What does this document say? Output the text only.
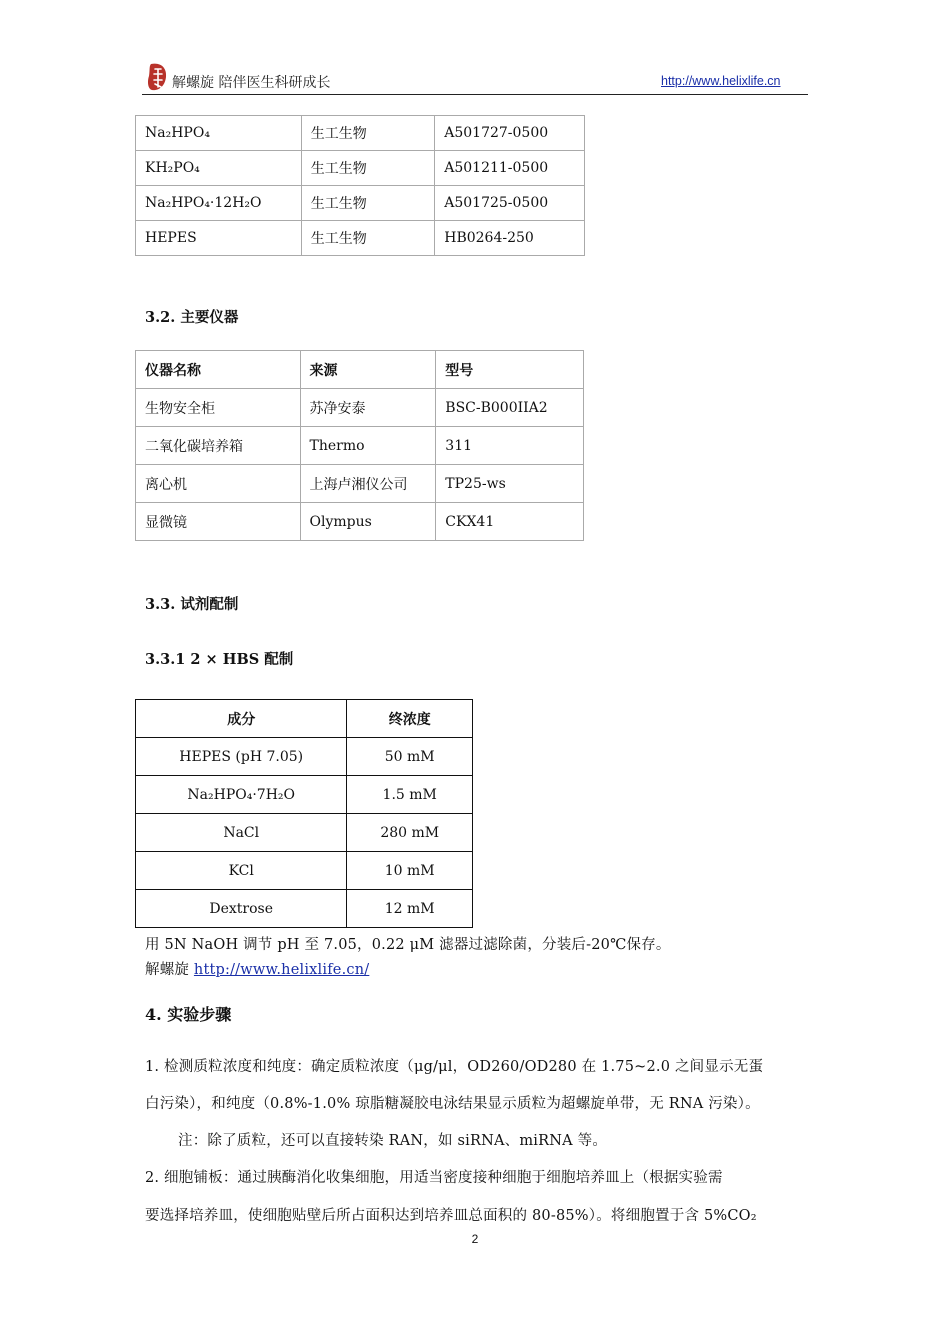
解螺旋 陪伴医生科研成长	http://www.helixlife.cn
Na₂HPO₄	生工生物	A501727-0500
KH₂PO₄	生工生物	A501211-0500
Na₂HPO₄·12H₂O	生工生物	A501725-0500
HEPES	生工生物	HB0264-250
3.2. 主要仪器
仪器名称	来源	型号
生物安全柜	苏净安泰	BSC-B000IIA2
二氧化碳培养箱	Thermo	311
离心机	上海卢湘仪公司	TP25-ws
显微镜	Olympus	CKX41
3.3. 试剂配制
3.3.1 2 × HBS 配制
成分	终浓度
HEPES (pH 7.05)	50 mM
Na₂HPO₄·7H₂O	1.5 mM
NaCl	280 mM
KCl	10 mM
Dextrose	12 mM
用 5N NaOH 调节 pH 至 7.05，0.22 μM 滤器过滤除菌，分装后-20℃保存。
解螺旋 http://www.helixlife.cn/
4. 实验步骤
1. 检测质粒浓度和纯度：确定质粒浓度（μg/μl，OD260/OD280 在 1.75~2.0 之间显示无蛋
白污染），和纯度（0.8%-1.0% 琼脂糖凝胶电泳结果显示质粒为超螺旋单带，无 RNA 污染）。
注：除了质粒，还可以直接转染 RAN，如 siRNA、miRNA 等。
2. 细胞铺板：通过胰酶消化收集细胞，用适当密度接种细胞于细胞培养皿上（根据实验需
要选择培养皿，使细胞贴壁后所占面积达到培养皿总面积的 80-85%）。将细胞置于含 5%CO₂
2
